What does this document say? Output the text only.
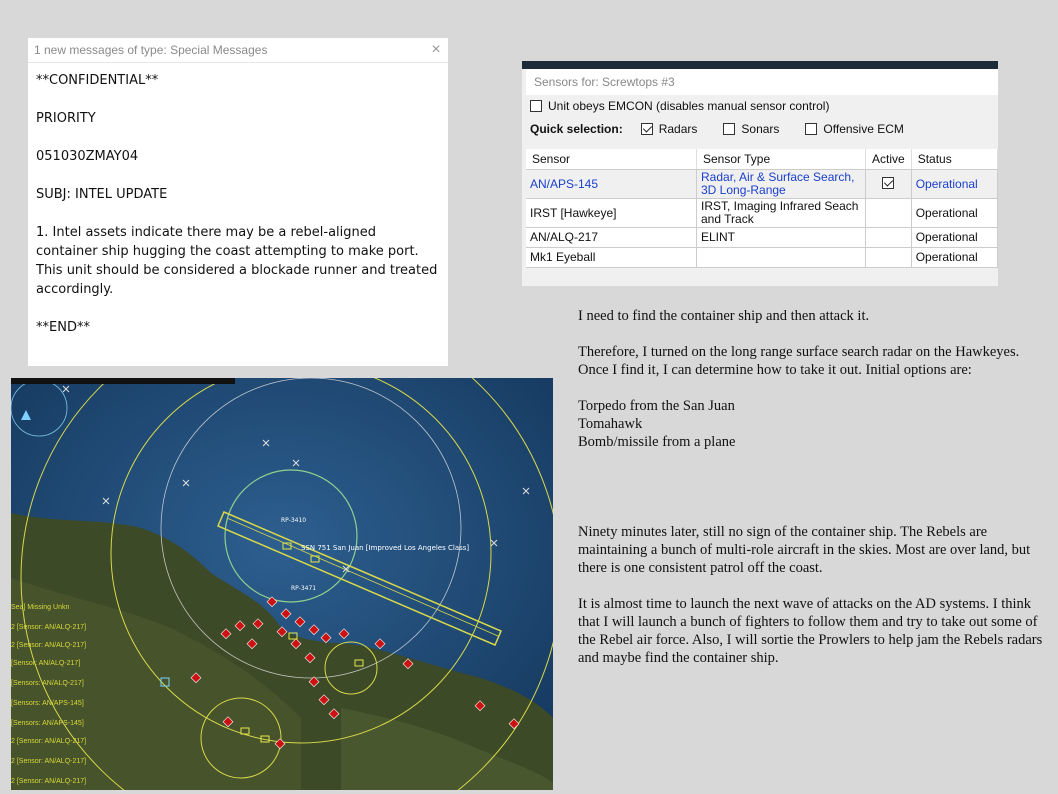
1 new messages of type: Special Messages	×

**CONFIDENTIAL**

PRIORITY

051030ZMAY04

SUBJ: INTEL UPDATE

1. Intel assets indicate there may be a rebel-aligned container ship hugging the coast attempting to make port. This unit should be considered a blockade runner and treated accordingly.

**END**

Sensors for: Screwtops #3
Unit obeys EMCON (disables manual sensor control)
Quick selection:	Radars	Sonars	Offensive ECM
Sensor	Sensor Type	Active	Status
AN/APS-145	Radar, Air & Surface Search, 3D Long-Range		Operational
IRST [Hawkeye]	IRST, Imaging Infrared Seach and Track		Operational
AN/ALQ-217	ELINT		Operational
Mk1 Eyeball			Operational
SSN 751 San Juan [Improved Los Angeles Class]
RP-3410
RP-3471
Sea] Missing Unkn
2 [Sensor: AN/ALQ-217]
2 [Sensor: AN/ALQ-217]
[Sensor: AN/ALQ-217]
[Sensors: AN/ALQ-217]
[Sensors: AN/APS-145]
[Sensors: AN/APS-145]
2 [Sensor: AN/ALQ-217]
2 [Sensor: AN/ALQ-217]
2 [Sensor: AN/ALQ-217]

I need to find the container ship and then attack it.

Therefore, I turned on the long range surface search radar on the Hawkeyes. Once I find it, I can determine how to take it out. Initial options are:

Torpedo from the San Juan

Tomahawk

Bomb/missile from a plane

Ninety minutes later, still no sign of the container ship. The Rebels are maintaining a bunch of multi-role aircraft in the skies. Most are over land, but there is one consistent patrol off the coast.

It is almost time to launch the next wave of attacks on the AD systems. I think that I will launch a bunch of fighters to follow them and try to take out some of the Rebel air force. Also, I will sortie the Prowlers to help jam the Rebels radars and maybe find the container ship.
